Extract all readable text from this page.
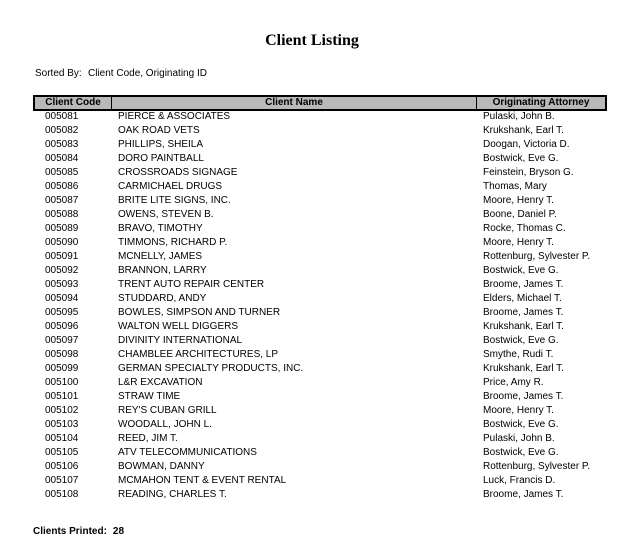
Client Listing
Sorted By: Client Code, Originating ID
Client Code	Client Name	Originating Attorney
005081	PIERCE & ASSOCIATES	Pulaski, John B.
005082	OAK ROAD VETS	Krukshank, Earl T.
005083	PHILLIPS, SHEILA	Doogan, Victoria D.
005084	DORO PAINTBALL	Bostwick, Eve G.
005085	CROSSROADS SIGNAGE	Feinstein, Bryson G.
005086	CARMICHAEL DRUGS	Thomas, Mary
005087	BRITE LITE SIGNS, INC.	Moore, Henry T.
005088	OWENS, STEVEN B.	Boone, Daniel P.
005089	BRAVO, TIMOTHY	Rocke, Thomas C.
005090	TIMMONS, RICHARD P.	Moore, Henry T.
005091	MCNELLY, JAMES	Rottenburg, Sylvester P.
005092	BRANNON, LARRY	Bostwick, Eve G.
005093	TRENT AUTO REPAIR CENTER	Broome, James T.
005094	STUDDARD, ANDY	Elders, Michael T.
005095	BOWLES, SIMPSON AND TURNER	Broome, James T.
005096	WALTON WELL DIGGERS	Krukshank, Earl T.
005097	DIVINITY INTERNATIONAL	Bostwick, Eve G.
005098	CHAMBLEE ARCHITECTURES, LP	Smythe, Rudi T.
005099	GERMAN SPECIALTY PRODUCTS, INC.	Krukshank, Earl T.
005100	L&R EXCAVATION	Price, Amy R.
005101	STRAW TIME	Broome, James T.
005102	REY'S CUBAN GRILL	Moore, Henry T.
005103	WOODALL, JOHN L.	Bostwick, Eve G.
005104	REED, JIM T.	Pulaski, John B.
005105	ATV TELECOMMUNICATIONS	Bostwick, Eve G.
005106	BOWMAN, DANNY	Rottenburg, Sylvester P.
005107	MCMAHON TENT & EVENT RENTAL	Luck, Francis D.
005108	READING, CHARLES T.	Broome, James T.
Clients Printed: 28
